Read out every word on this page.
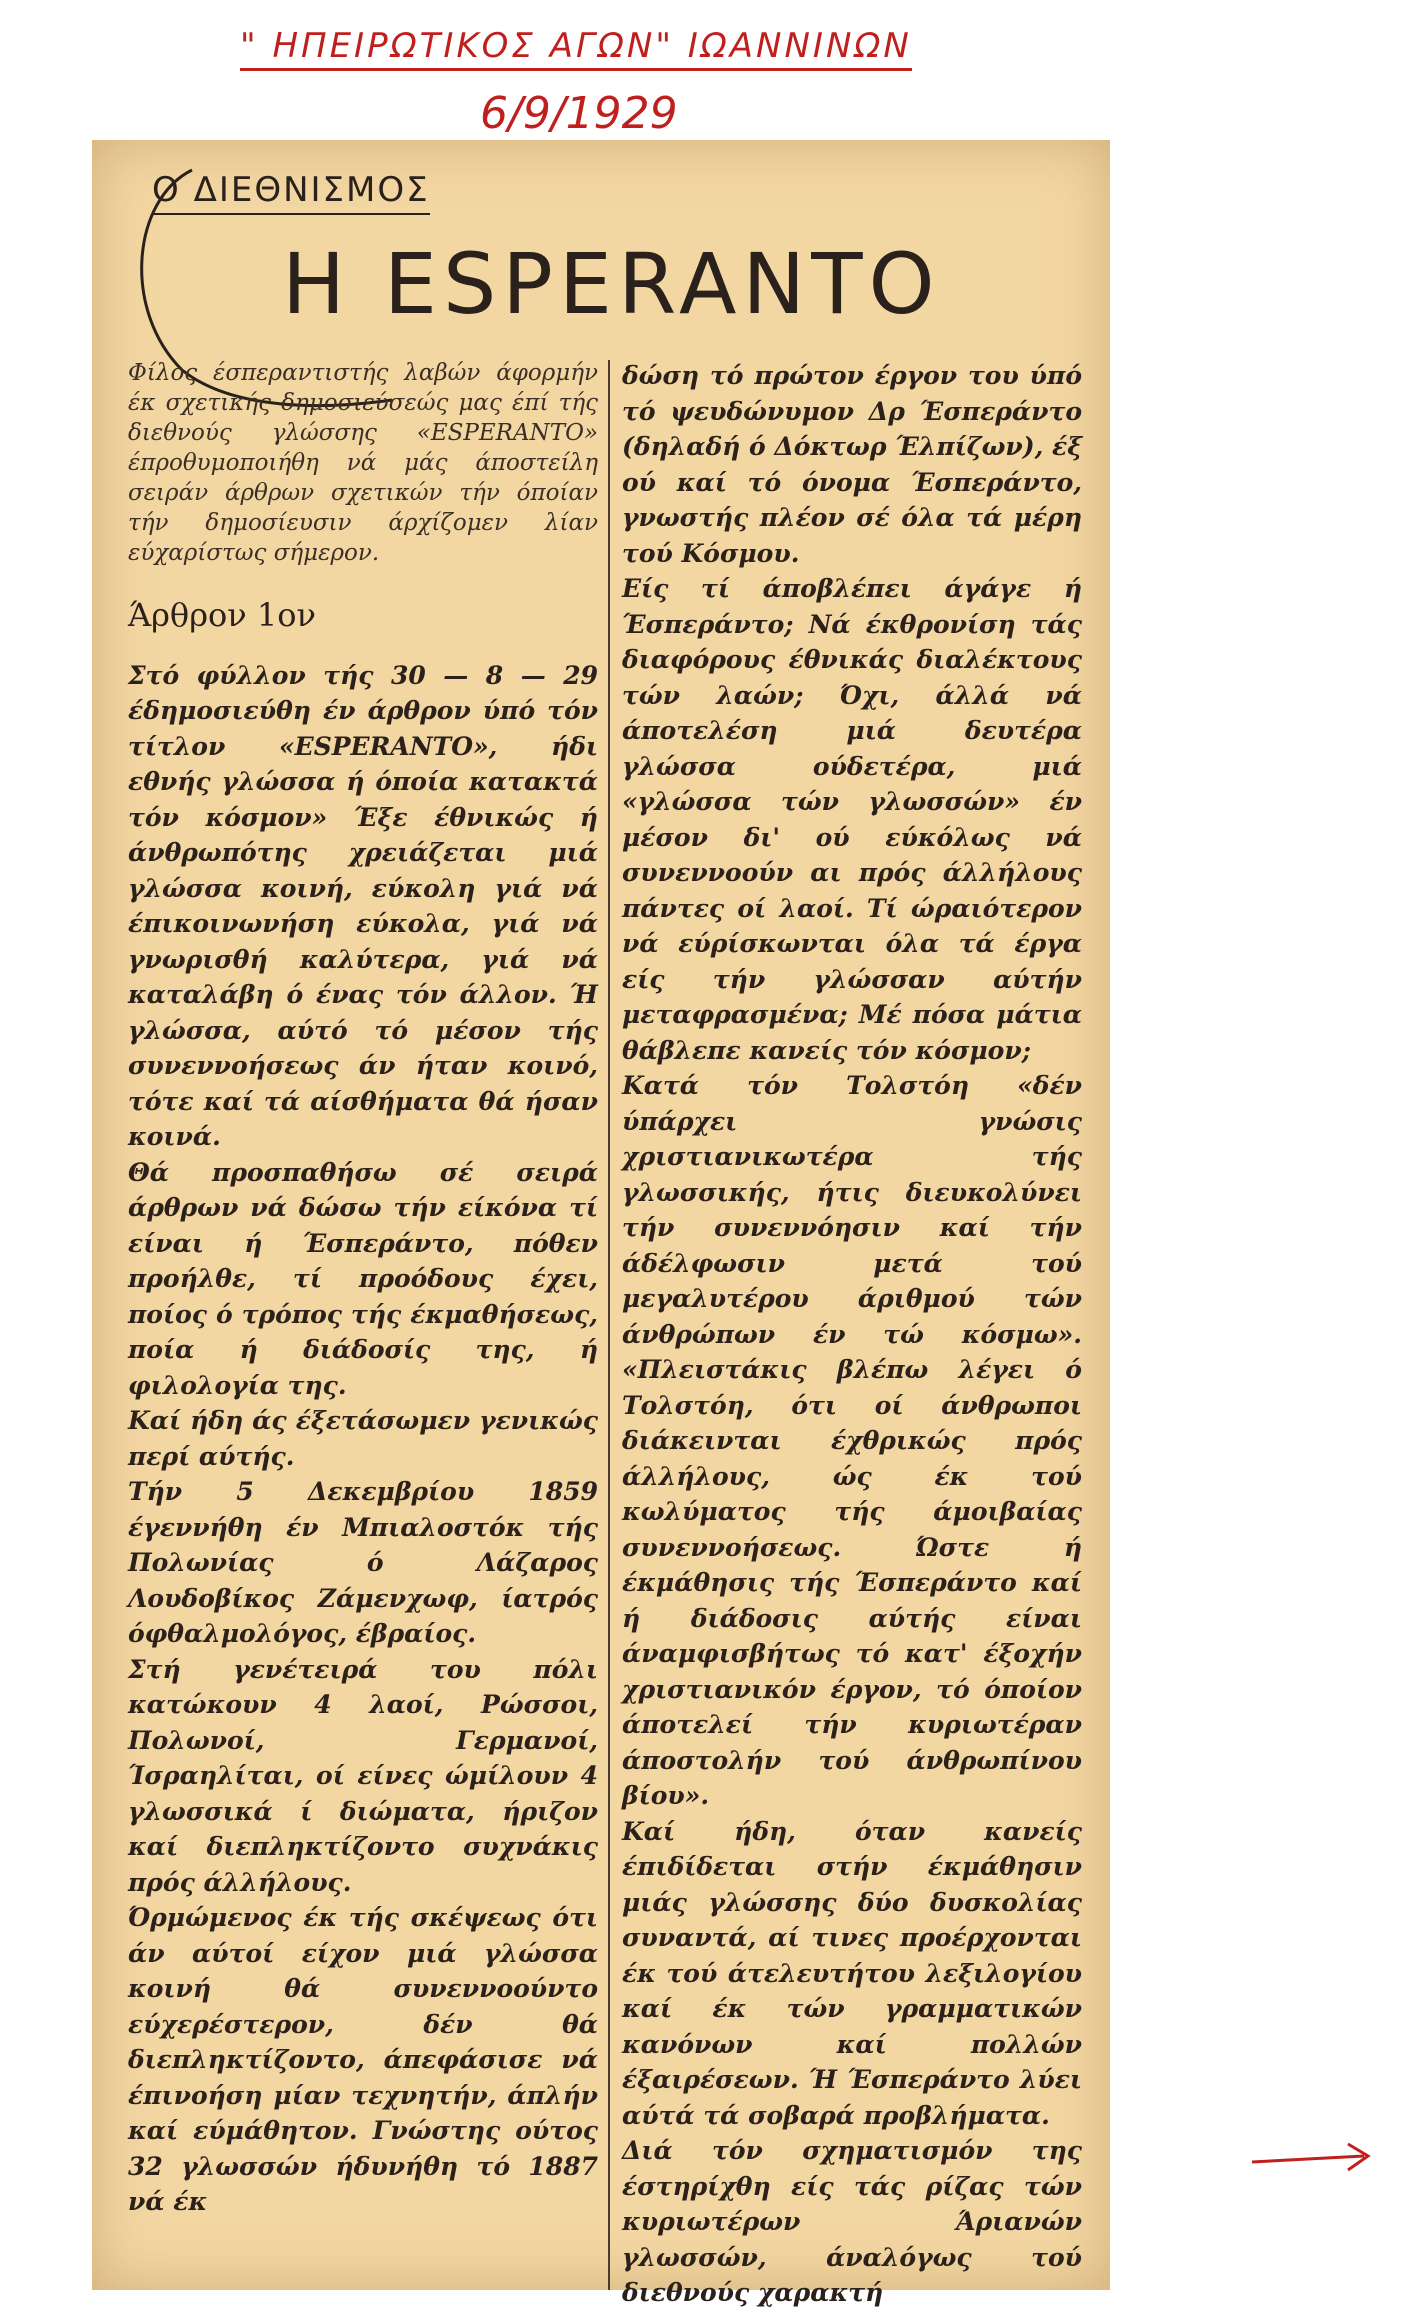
" ΗΠΕΙΡΩΤΙΚΟΣ ΑΓΩΝ" ΙΩΑΝΝΙΝΩΝ
6/9/1929
Ο ΔΙΕΘΝΙΣΜΟΣ
Η ESPERANTO

Φίλος έσπεραντιστής λαβών άφορμήν έκ σχετικής δημοσιεύσεώς μας έπί τής διεθνούς γλώσσης «ESPERANTO» έπροθυμοποιήθη νά μάς άποστείλη σειράν άρθρων σχετικών τήν όποίαν τήν δημοσίευσιν άρχίζομεν λίαν εύχαρίστως σήμερον.

Άρθρον 1ον

Στό φύλλον τής 30 — 8 — 29 έδημοσιεύθη έν άρθρον ύπό τόν τίτλον «ESPERANTO», ήδι εθνής γλώσσα ή όποία κατακτά τόν κόσμον» Έξε έθνικώς ή άνθρωπότης χρειάζεται μιά γλώσσα κοινή, εύκολη γιά νά έπικοινωνήση εύκολα, γιά νά γνωρισθή καλύτερα, γιά νά καταλάβη ό ένας τόν άλλον. Ή γλώσσα, αύτό τό μέσον τής συνεννοήσεως άν ήταν κοινό, τότε καί τά αίσθήματα θά ήσαν κοινά.

Θά προσπαθήσω σέ σειρά άρθρων νά δώσω τήν είκόνα τί είναι ή Έσπεράντο, πόθεν προήλθε, τί προόδους έχει, ποίος ό τρόπος τής έκμαθήσεως, ποία ή διάδοσίς της, ή φιλολογία της.

Καί ήδη άς έξετάσωμεν γενικώς περί αύτής.

Τήν 5 Δεκεμβρίου 1859 έγεννήθη έν Μπιαλοστόκ τής Πολωνίας ό Λάζαρος Λουδοβίκος Ζάμενχωφ, ίατρός όφθαλμολόγος, έβραίος.

Στή γενέτειρά του πόλι κατώκουν 4 λαοί, Ρώσσοι, Πολωνοί, Γερμανοί, Ίσραηλίται, οί είνες ώμίλουν 4 γλωσσικά ί διώματα, ήριζον καί διεπληκτίζοντο συχνάκις πρός άλλήλους.

Όρμώμενος έκ τής σκέψεως ότι άν αύτοί είχον μιά γλώσσα κοινή θά συνεννοούντο εύχερέστερον, δέν θά διεπληκτίζοντο, άπεφάσισε νά έπινοήση μίαν τεχνητήν, άπλήν καί εύμάθητον. Γνώστης ούτος 32 γλωσσών ήδυνήθη τό 1887 νά έκ

δώση τό πρώτον έργον του ύπό τό ψευδώνυμον Δρ Έσπεράντο (δηλαδή ό Δόκτωρ Έλπίζων), έξ ού καί τό όνομα Έσπεράντο, γνωστής πλέον σέ όλα τά μέρη τού Κόσμου.

Είς τί άποβλέπει άγάγε ή Έσπεράντο; Νά έκθρονίση τάς διαφόρους έθνικάς διαλέκτους τών λαών; Όχι, άλλά νά άποτελέση μιά δευτέρα γλώσσα ούδετέρα, μιά «γλώσσα τών γλωσσών» έν μέσον δι' ού εύκόλως νά συνεννοούν αι πρός άλλήλους πάντες οί λαοί. Τί ώραιότερον νά εύρίσκωνται όλα τά έργα είς τήν γλώσσαν αύτήν μεταφρασμένα; Μέ πόσα μάτια θάβλεπε κανείς τόν κόσμον;

Κατά τόν Τολστόη «δέν ύπάρχει γνώσις χριστιανικωτέρα τής γλωσσικής, ήτις διευκολύνει τήν συνεννόησιν καί τήν άδέλφωσιν μετά τού μεγαλυτέρου άριθμού τών άνθρώπων έν τώ κόσμω». «Πλειστάκις βλέπω λέγει ό Τολστόη, ότι οί άνθρωποι διάκεινται έχθρικώς πρός άλλήλους, ώς έκ τού κωλύματος τής άμοιβαίας συνεννοήσεως. Ώστε ή έκμάθησις τής Έσπεράντο καί ή διάδοσις αύτής είναι άναμφισβήτως τό κατ' έξοχήν χριστιανικόν έργον, τό όποίον άποτελεί τήν κυριωτέραν άποστολήν τού άνθρωπίνου βίου».

Καί ήδη, όταν κανείς έπιδίδεται στήν έκμάθησιν μιάς γλώσσης δύο δυσκολίας συναντά, αί τινες προέρχονται έκ τού άτελευτήτου λεξιλογίου καί έκ τών γραμματικών κανόνων καί πολλών έξαιρέσεων. Ή Έσπεράντο λύει αύτά τά σοβαρά προβλήματα.

Διά τόν σχηματισμόν της έστηρίχθη είς τάς ρίζας τών κυριωτέρων Άριανών γλωσσών, άναλόγως τού διεθνούς χαρακτή
